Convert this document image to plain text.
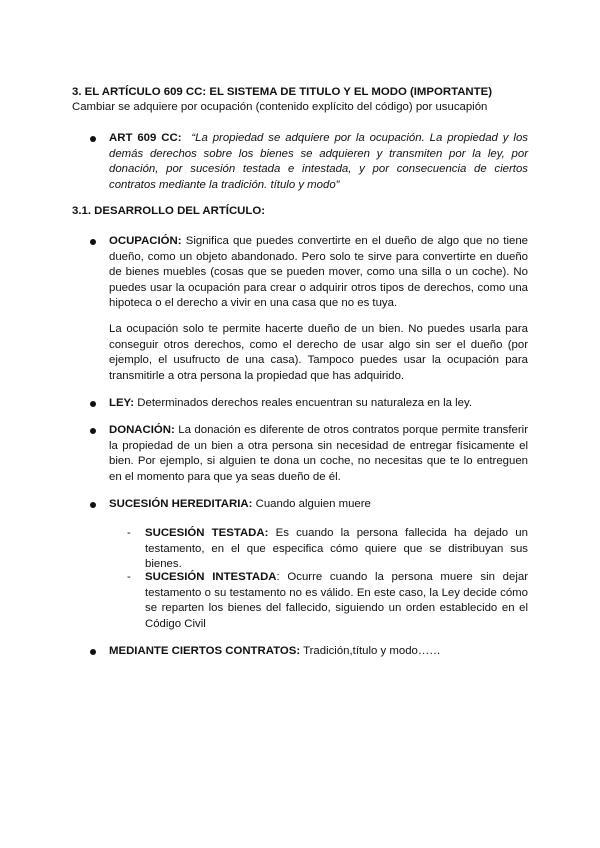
3. EL ARTÍCULO 609 CC: EL SISTEMA DE TITULO Y EL MODO (IMPORTANTE)

Cambiar se adquiere por ocupación (contenido explícito del código) por usucapión

ART 609 CC: “La propiedad se adquiere por la ocupación. La propiedad y los demás derechos sobre los bienes se adquieren y transmiten por la ley, por donación, por sucesión testada e intestada, y por consecuencia de ciertos contratos mediante la tradición. título y modo”

3.1. DESARROLLO DEL ARTÍCULO:

OCUPACIÓN: Significa que puedes convertirte en el dueño de algo que no tiene dueño, como un objeto abandonado. Pero solo te sirve para convertirte en dueño de bienes muebles (cosas que se pueden mover, como una silla o un coche). No puedes usar la ocupación para crear o adquirir otros tipos de derechos, como una hipoteca o el derecho a vivir en una casa que no es tuya.

La ocupación solo te permite hacerte dueño de un bien. No puedes usarla para conseguir otros derechos, como el derecho de usar algo sin ser el dueño (por ejemplo, el usufructo de una casa). Tampoco puedes usar la ocupación para transmitirle a otra persona la propiedad que has adquirido.

LEY: Determinados derechos reales encuentran su naturaleza en la ley.

DONACIÓN: La donación es diferente de otros contratos porque permite transferir la propiedad de un bien a otra persona sin necesidad de entregar físicamente el bien. Por ejemplo, si alguien te dona un coche, no necesitas que te lo entreguen en el momento para que ya seas dueño de él.

SUCESIÓN HEREDITARIA: Cuando alguien muere

- SUCESIÓN TESTADA: Es cuando la persona fallecida ha dejado un testamento, en el que especifica cómo quiere que se distribuyan sus bienes.

- SUCESIÓN INTESTADA: Ocurre cuando la persona muere sin dejar testamento o su testamento no es válido. En este caso, la Ley decide cómo se reparten los bienes del fallecido, siguiendo un orden establecido en el Código Civil

MEDIANTE CIERTOS CONTRATOS: Tradición,título y modo……
